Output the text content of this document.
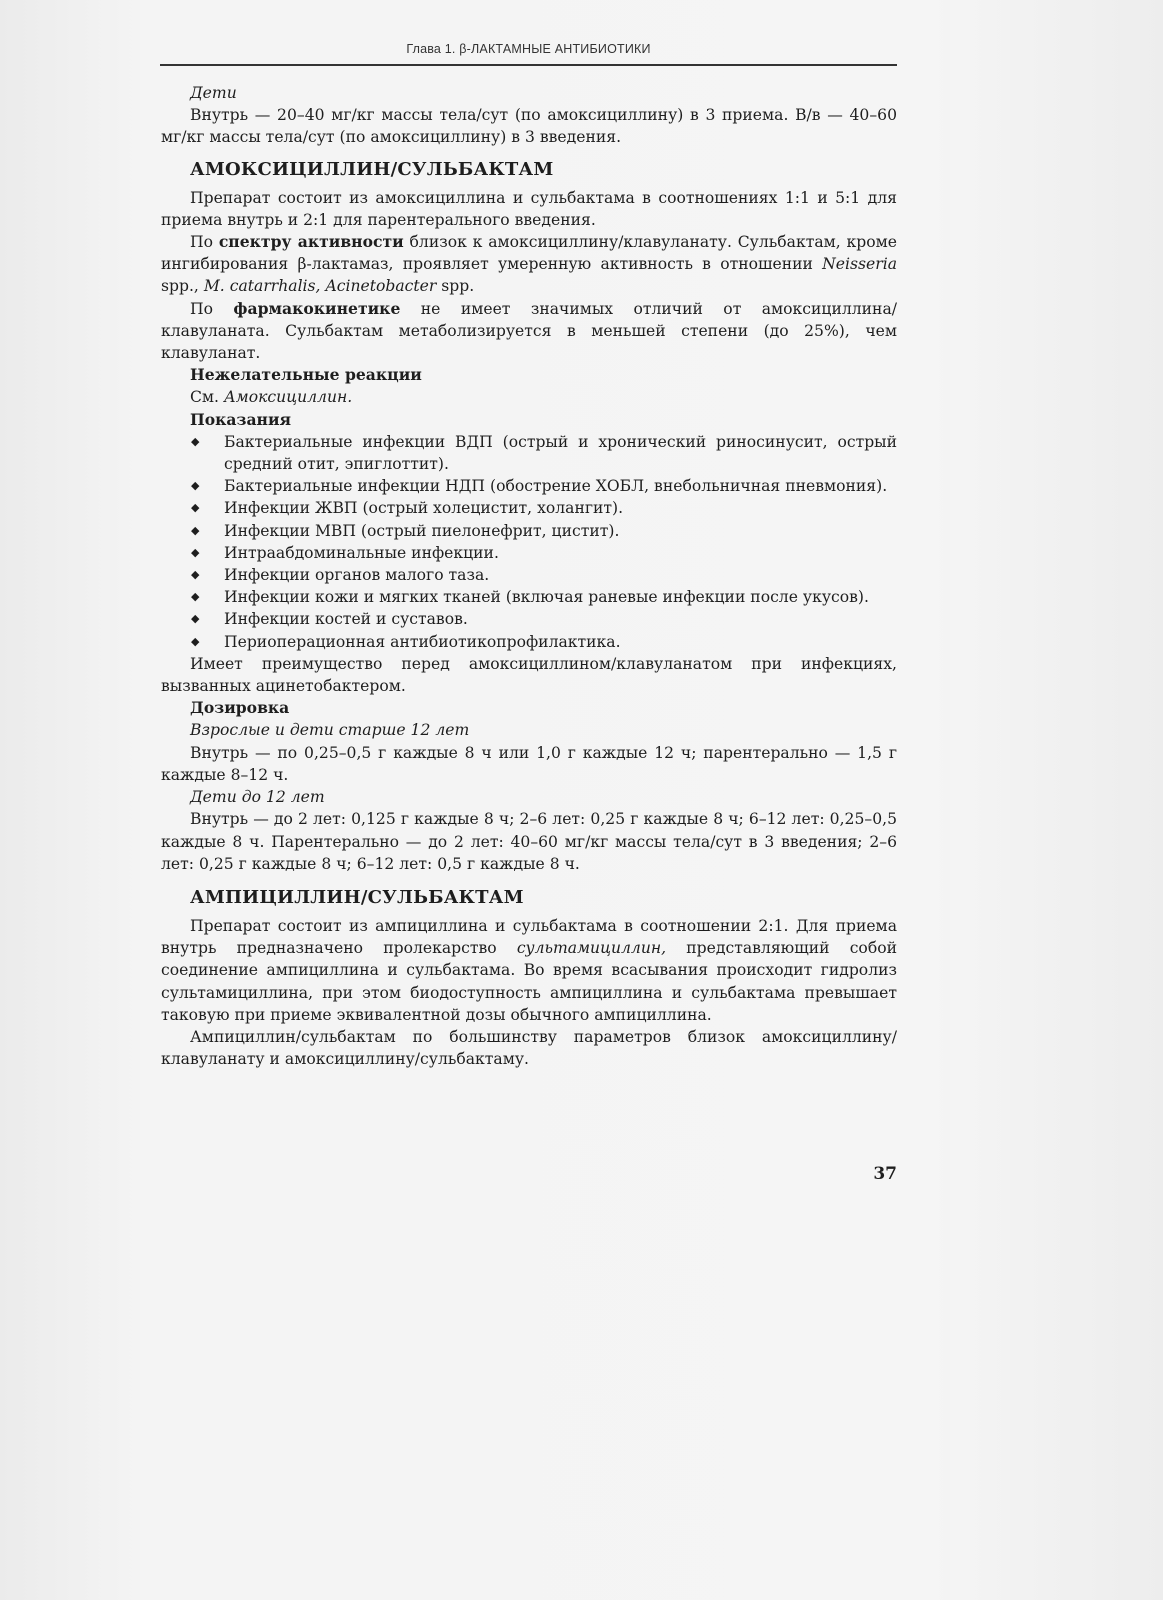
Глава 1. β-ЛАКТАМНЫЕ АНТИБИОТИКИ

Дети

Внутрь — 20–40 мг/кг массы тела/сут (по амоксициллину) в 3 приема. В/в — 40–60 мг/кг массы тела/сут (по амоксициллину) в 3 введения.

АМОКСИЦИЛЛИН/СУЛЬБАКТАМ

Препарат состоит из амоксициллина и сульбактама в соотношениях 1:1 и 5:1 для приема внутрь и 2:1 для парентерального введения.

По спектру активности близок к амоксициллину/клавуланату. Сульбактам, кроме ингибирования β-лактамаз, проявляет умеренную активность в отношении Neisseria spp., M. catarrhalis, Acinetobacter spp.

По фармакокинетике не имеет значимых отличий от амоксициллина/клавуланата. Сульбактам метаболизируется в меньшей степени (до 25%), чем клавуланат.

Нежелательные реакции

См. Амоксициллин.

Показания

◆ Бактериальные инфекции ВДП (острый и хронический риносинусит, острый средний отит, эпиглоттит).
◆ Бактериальные инфекции НДП (обострение ХОБЛ, внебольничная пневмония).
◆ Инфекции ЖВП (острый холецистит, холангит).
◆ Инфекции МВП (острый пиелонефрит, цистит).
◆ Интраабдоминальные инфекции.
◆ Инфекции органов малого таза.
◆ Инфекции кожи и мягких тканей (включая раневые инфекции после укусов).
◆ Инфекции костей и суставов.
◆ Периоперационная антибиотикопрофилактика.

Имеет преимущество перед амоксициллином/клавуланатом при инфекциях, вызванных ацинетобактером.

Дозировка

Взрослые и дети старше 12 лет

Внутрь — по 0,25–0,5 г каждые 8 ч или 1,0 г каждые 12 ч; парентерально — 1,5 г каждые 8–12 ч.

Дети до 12 лет

Внутрь — до 2 лет: 0,125 г каждые 8 ч; 2–6 лет: 0,25 г каждые 8 ч; 6–12 лет: 0,25–0,5 каждые 8 ч. Парентерально — до 2 лет: 40–60 мг/кг массы тела/сут в 3 введения; 2–6 лет: 0,25 г каждые 8 ч; 6–12 лет: 0,5 г каждые 8 ч.

АМПИЦИЛЛИН/СУЛЬБАКТАМ

Препарат состоит из ампициллина и сульбактама в соотношении 2:1. Для приема внутрь предназначено пролекарство сультамициллин, представляющий собой соединение ампициллина и сульбактама. Во время всасывания происходит гидролиз сультамициллина, при этом биодоступность ампициллина и сульбактама превышает таковую при приеме эквивалентной дозы обычного ампициллина.

Ампициллин/сульбактам по большинству параметров близок амоксициллину/клавуланату и амоксициллину/сульбактаму.

37
